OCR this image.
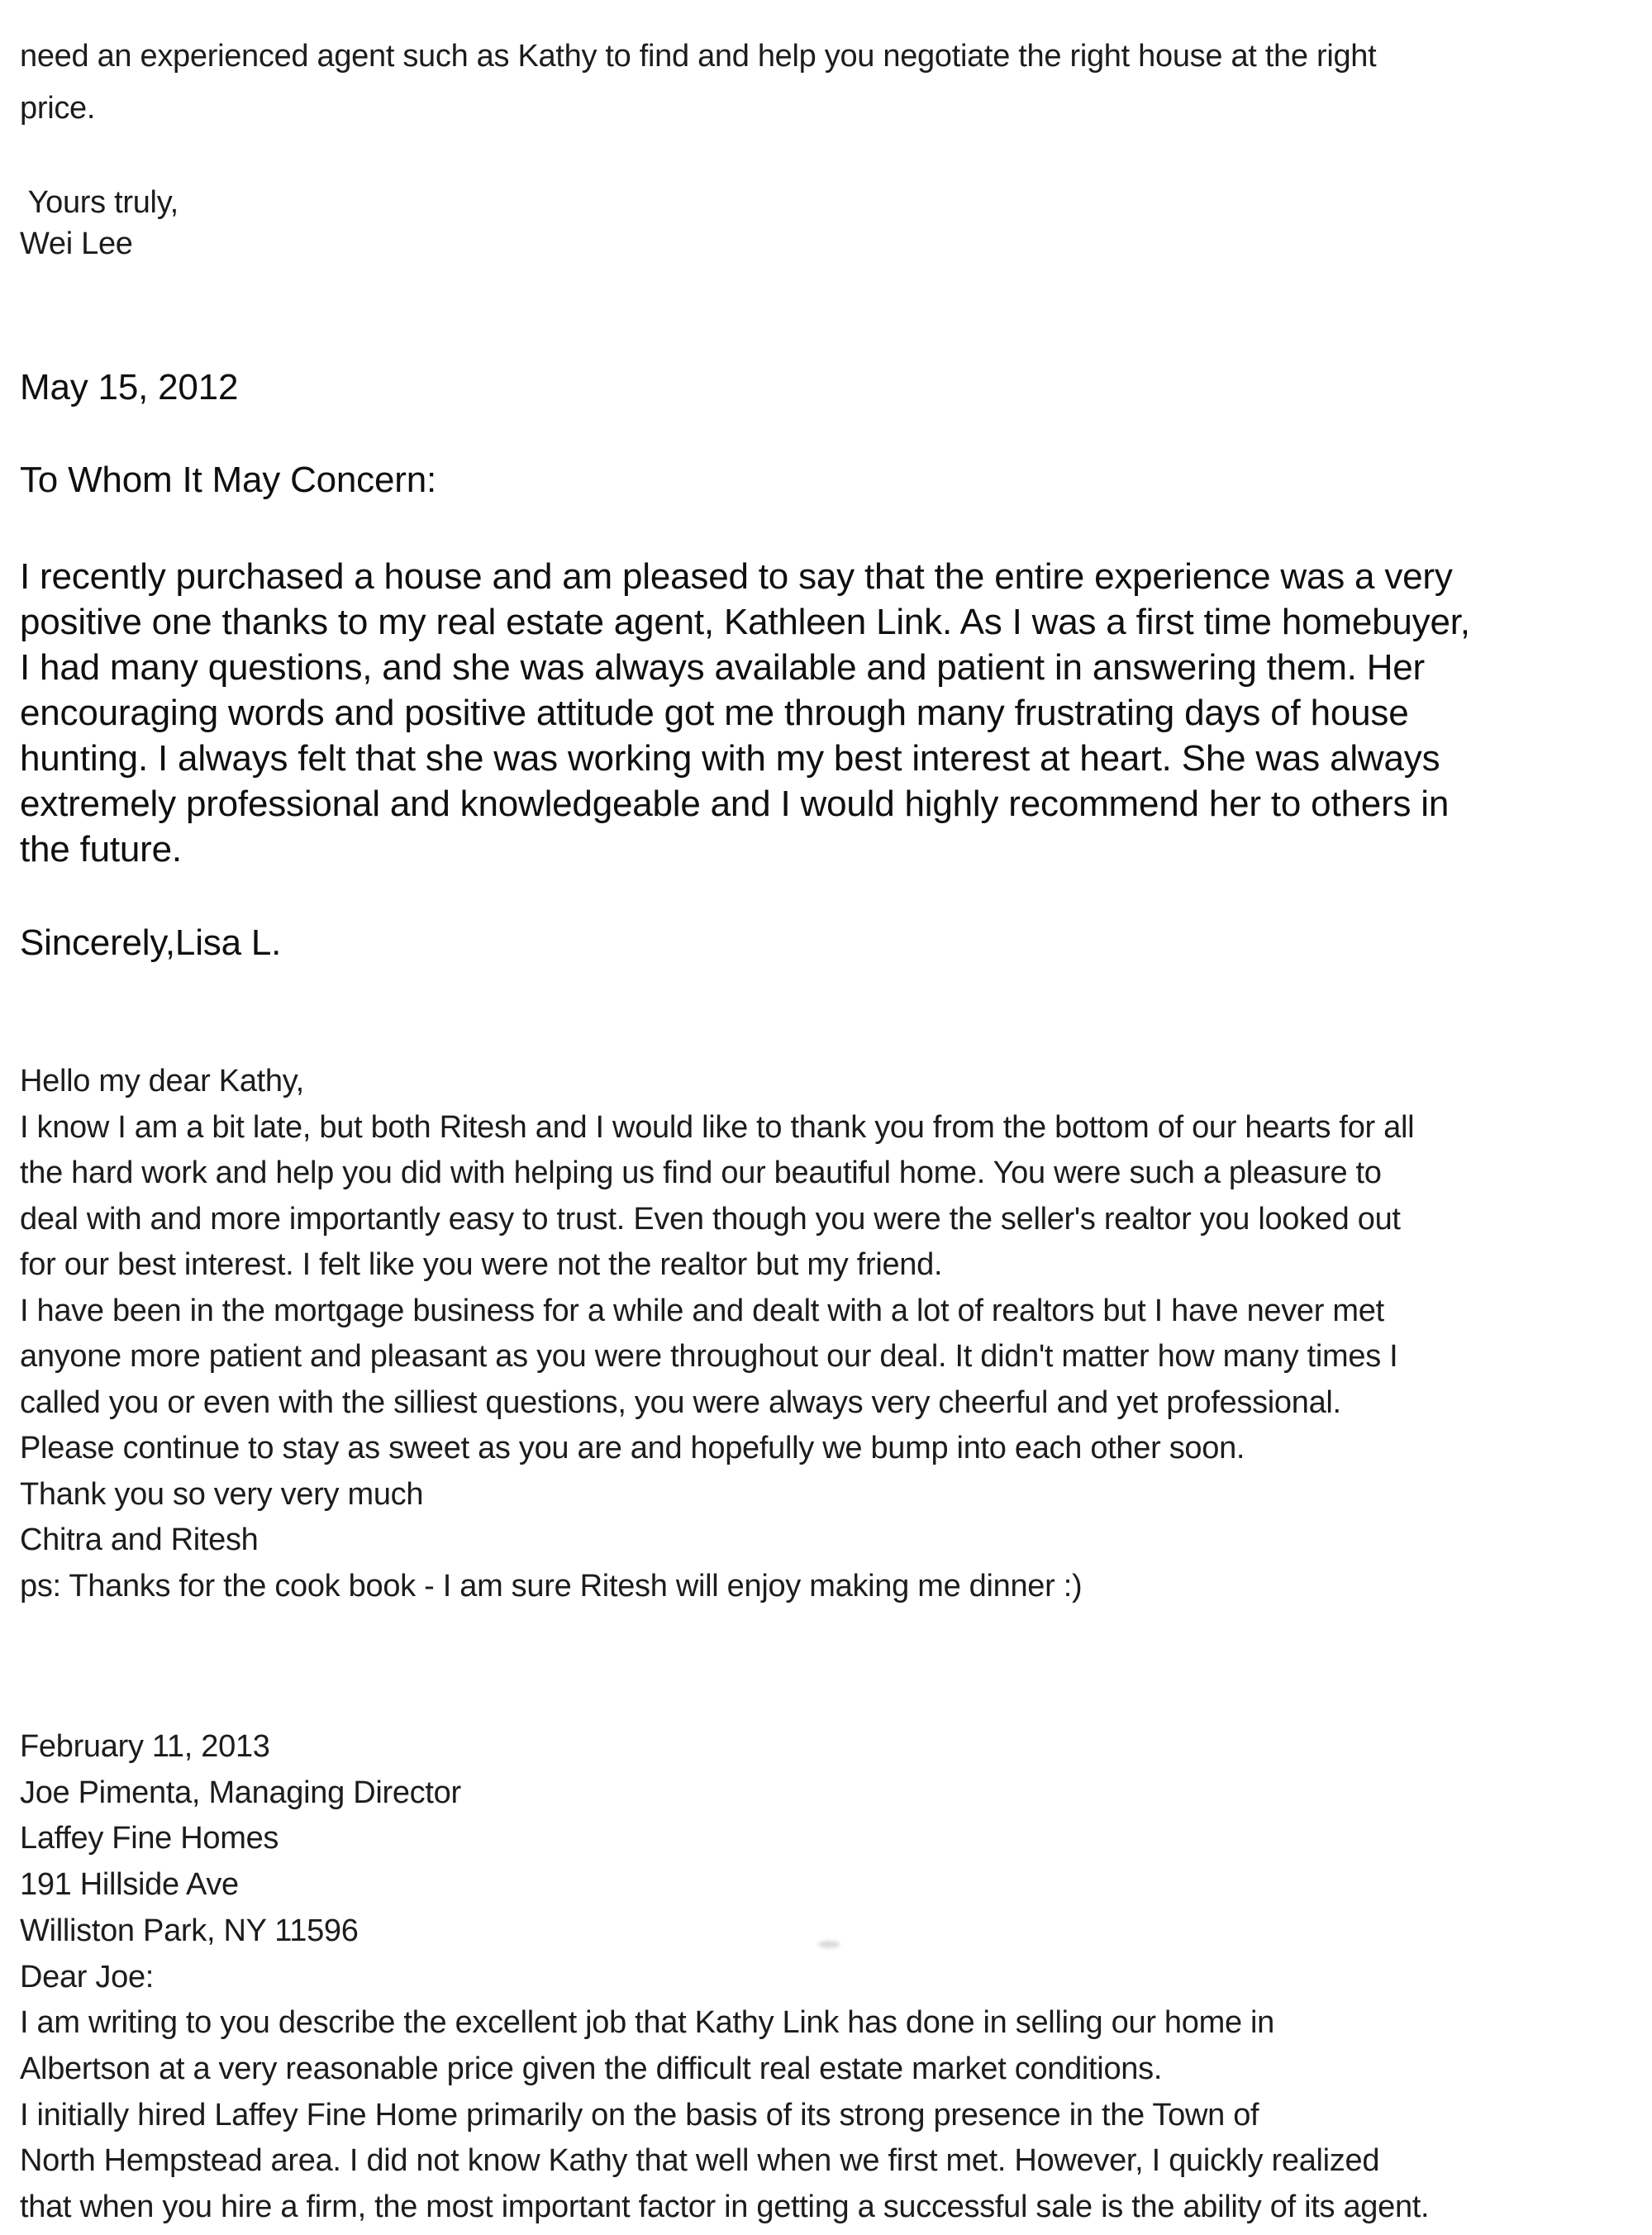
need an experienced agent such as Kathy to find and help you negotiate the right house at the right
price.
Yours truly,
Wei Lee
May 15, 2012
To Whom It May Concern:
I recently purchased a house and am pleased to say that the entire experience was a very
positive one thanks to my real estate agent, Kathleen Link. As I was a first time homebuyer,
I had many questions, and she was always available and patient in answering them. Her
encouraging words and positive attitude got me through many frustrating days of house
hunting. I always felt that she was working with my best interest at heart. She was always
extremely professional and knowledgeable and I would highly recommend her to others in
the future.
Sincerely,Lisa L.
Hello my dear Kathy,
I know I am a bit late, but both Ritesh and I would like to thank you from the bottom of our hearts for all
the hard work and help you did with helping us find our beautiful home. You were such a pleasure to
deal with and more importantly easy to trust. Even though you were the seller's realtor you looked out
for our best interest. I felt like you were not the realtor but my friend.
I have been in the mortgage business for a while and dealt with a lot of realtors but I have never met
anyone more patient and pleasant as you were throughout our deal. It didn't matter how many times I
called you or even with the silliest questions, you were always very cheerful and yet professional.
Please continue to stay as sweet as you are and hopefully we bump into each other soon.
Thank you so very very much
Chitra and Ritesh
ps: Thanks for the cook book - I am sure Ritesh will enjoy making me dinner :)
February 11, 2013
Joe Pimenta, Managing Director
Laffey Fine Homes
191 Hillside Ave
Williston Park, NY 11596
Dear Joe:
I am writing to you describe the excellent job that Kathy Link has done in selling our home in
Albertson at a very reasonable price given the difficult real estate market conditions.
I initially hired Laffey Fine Home primarily on the basis of its strong presence in the Town of
North Hempstead area. I did not know Kathy that well when we first met. However, I quickly realized
that when you hire a firm, the most important factor in getting a successful sale is the ability of its agent.
